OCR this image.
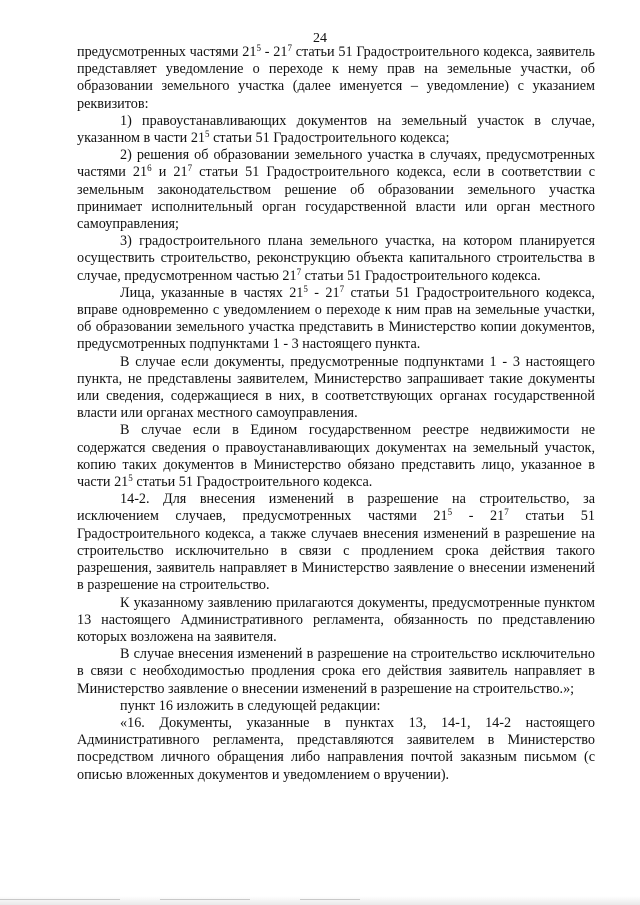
24

предусмотренных частями $21^5 - 21^7$ статьи 51 Градостроительного кодекса, заявитель представляет уведомление о переходе к нему прав на земельные участки, об образовании земельного участка (далее именуется – уведомление) с указанием реквизитов:

1) правоустанавливающих документов на земельный участок в случае, указанном в части $21^5$ статьи 51 Градостроительного кодекса;

2) решения об образовании земельного участка в случаях, предусмотренных частями $21^6$ и $21^7$ статьи 51 Градостроительного кодекса, если в соответствии с земельным законодательством решение об образовании земельного участка принимает исполнительный орган государственной власти или орган местного самоуправления;

3) градостроительного плана земельного участка, на котором планируется осуществить строительство, реконструкцию объекта капитального строительства в случае, предусмотренном частью $21^7$ статьи 51 Градостроительного кодекса.

Лица, указанные в частях $21^5 - 21^7$ статьи 51 Градостроительного кодекса, вправе одновременно с уведомлением о переходе к ним прав на земельные участки, об образовании земельного участка представить в Министерство копии документов, предусмотренных подпунктами 1 - 3 настоящего пункта.

В случае если документы, предусмотренные подпунктами 1 - 3 настоящего пункта, не представлены заявителем, Министерство запрашивает такие документы или сведения, содержащиеся в них, в соответствующих органах государственной власти или органах местного самоуправления.

В случае если в Едином государственном реестре недвижимости не содержатся сведения о правоустанавливающих документах на земельный участок, копию таких документов в Министерство обязано представить лицо, указанное в части $21^5$ статьи 51 Градостроительного кодекса.

14-2. Для внесения изменений в разрешение на строительство, за исключением случаев, предусмотренных частями $21^5 - 21^7$ статьи 51 Градостроительного кодекса, а также случаев внесения изменений в разрешение на строительство исключительно в связи с продлением срока действия такого разрешения, заявитель направляет в Министерство заявление о внесении изменений в разрешение на строительство.

К указанному заявлению прилагаются документы, предусмотренные пунктом 13 настоящего Административного регламента, обязанность по представлению которых возложена на заявителя.

В случае внесения изменений в разрешение на строительство исключительно в связи с необходимостью продления срока его действия заявитель направляет в Министерство заявление о внесении изменений в разрешение на строительство.»;

пункт 16 изложить в следующей редакции:

«16. Документы, указанные в пунктах 13, 14-1, 14-2 настоящего Административного регламента, представляются заявителем в Министерство посредством личного обращения либо направления почтой заказным письмом (с описью вложенных документов и уведомлением о вручении).
